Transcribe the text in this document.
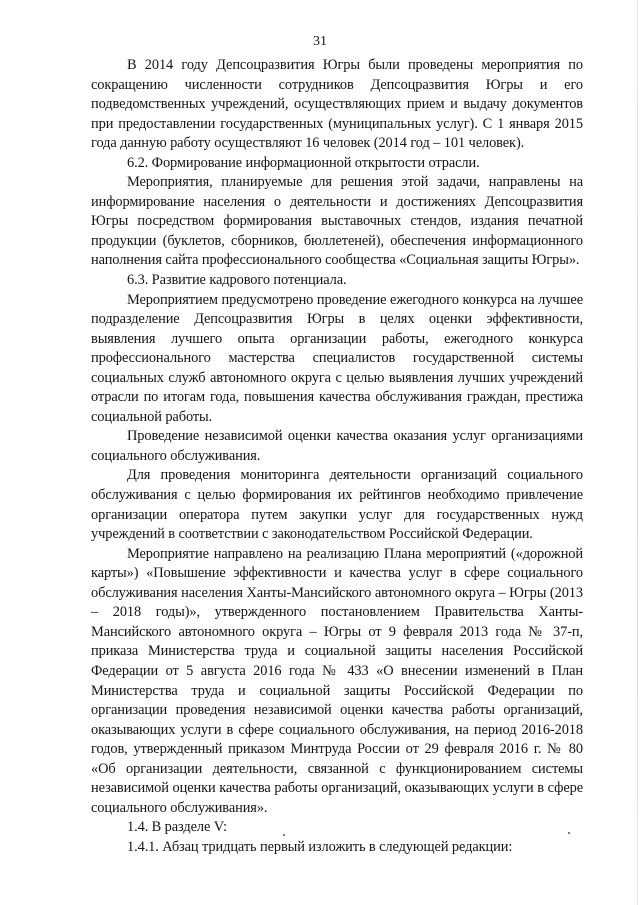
31

В 2014 году Депсоцразвития Югры были проведены мероприятия по сокращению численности сотрудников Депсоцразвития Югры и его подведомственных учреждений, осуществляющих прием и выдачу документов при предоставлении государственных (муниципальных услуг). С 1 января 2015 года данную работу осуществляют 16 человек (2014 год – 101 человек).

6.2. Формирование информационной открытости отрасли.

Мероприятия, планируемые для решения этой задачи, направлены на информирование населения о деятельности и достижениях Депсоцразвития Югры посредством формирования выставочных стендов, издания печатной продукции (буклетов, сборников, бюллетеней), обеспечения информационного наполнения сайта профессионального сообщества «Социальная защиты Югры».

6.3. Развитие кадрового потенциала.

Мероприятием предусмотрено проведение ежегодного конкурса на лучшее подразделение Депсоцразвития Югры в целях оценки эффективности, выявления лучшего опыта организации работы, ежегодного конкурса профессионального мастерства специалистов государственной системы социальных служб автономного округа с целью выявления лучших учреждений отрасли по итогам года, повышения качества обслуживания граждан, престижа социальной работы.

Проведение независимой оценки качества оказания услуг организациями социального обслуживания.

Для проведения мониторинга деятельности организаций социального обслуживания с целью формирования их рейтингов необходимо привлечение организации оператора путем закупки услуг для государственных нужд учреждений в соответствии с законодательством Российской Федерации.

Мероприятие направлено на реализацию Плана мероприятий («дорожной карты») «Повышение эффективности и качества услуг в сфере социального обслуживания населения Ханты-Мансийского автономного округа – Югры (2013 – 2018 годы)», утвержденного постановлением Правительства Ханты-Мансийского автономного округа – Югры от 9 февраля 2013 года № 37-п, приказа Министерства труда и социальной защиты населения Российской Федерации от 5 августа 2016 года № 433 «О внесении изменений в План Министерства труда и социальной защиты Российской Федерации по организации проведения независимой оценки качества работы организаций, оказывающих услуги в сфере социального обслуживания, на период 2016-2018 годов, утвержденный приказом Минтруда России от 29 февраля 2016 г. № 80 «Об организации деятельности, связанной с функционированием системы независимой оценки качества работы организаций, оказывающих услуги в сфере социального обслуживания».

1.4. В разделе V:

1.4.1. Абзац тридцать первый изложить в следующей редакции:
